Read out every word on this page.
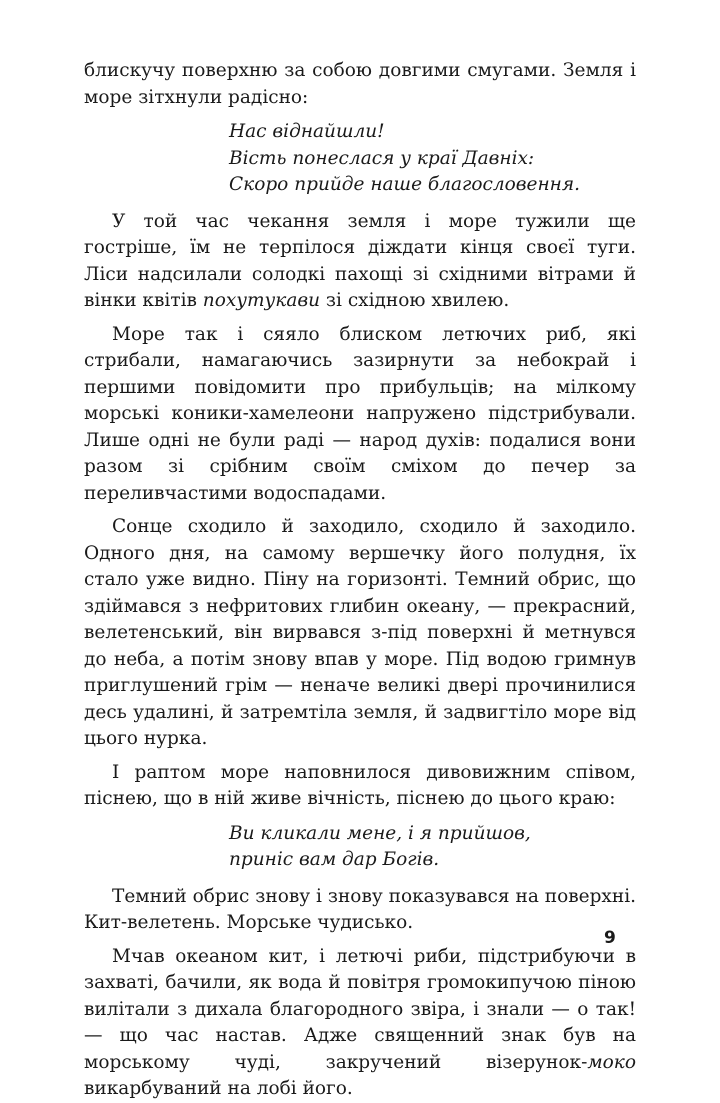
блискучу поверхню за собою довгими смугами. Земля і море зітхнули радісно:

Нас віднайшли!
Вість понеслася у краї Давніх:
Скоро прийде наше благословення.

У той час чекання земля і море тужили ще гостріше, їм не терпілося діждати кінця своєї туги. Ліси надсилали солодкі пахощі зі східними вітрами й вінки квітів похутукави зі східною хвилею.

Море так і сяяло блиском летючих риб, які стрибали, намагаючись зазирнути за небокрай і першими повідомити про прибульців; на мілкому морські коники-хамелеони напружено підстрибували. Лише одні не були раді — народ духів: подалися вони разом зі срібним своїм сміхом до печер за переливчастими водоспадами.

Сонце сходило й заходило, сходило й заходило. Одного дня, на самому вершечку його полудня, їх стало уже видно. Піну на горизонті. Темний обрис, що здіймався з нефритових глибин океану, — прекрасний, велетенський, він вирвався з-під поверхні й метнувся до неба, а потім знову впав у море. Під водою гримнув приглушений грім — неначе великі двері прочинилися десь удалині, й затремтіла земля, й задвигтіло море від цього нурка.

І раптом море наповнилося дивовижним співом, піснею, що в ній живе вічність, піснею до цього краю:

Ви кликали мене, і я прийшов,
приніс вам дар Богів.

Темний обрис знову і знову показувався на поверхні. Кит-велетень. Морське чудисько.

Мчав океаном кит, і летючі риби, підстрибуючи в захваті, бачили, як вода й повітря громокипучою піною вилітали з дихала благородного звіра, і знали — о так! — що час настав. Адже священний знак був на морському чуді, закручений візерунок-моко викарбуваний на лобі його.

9
